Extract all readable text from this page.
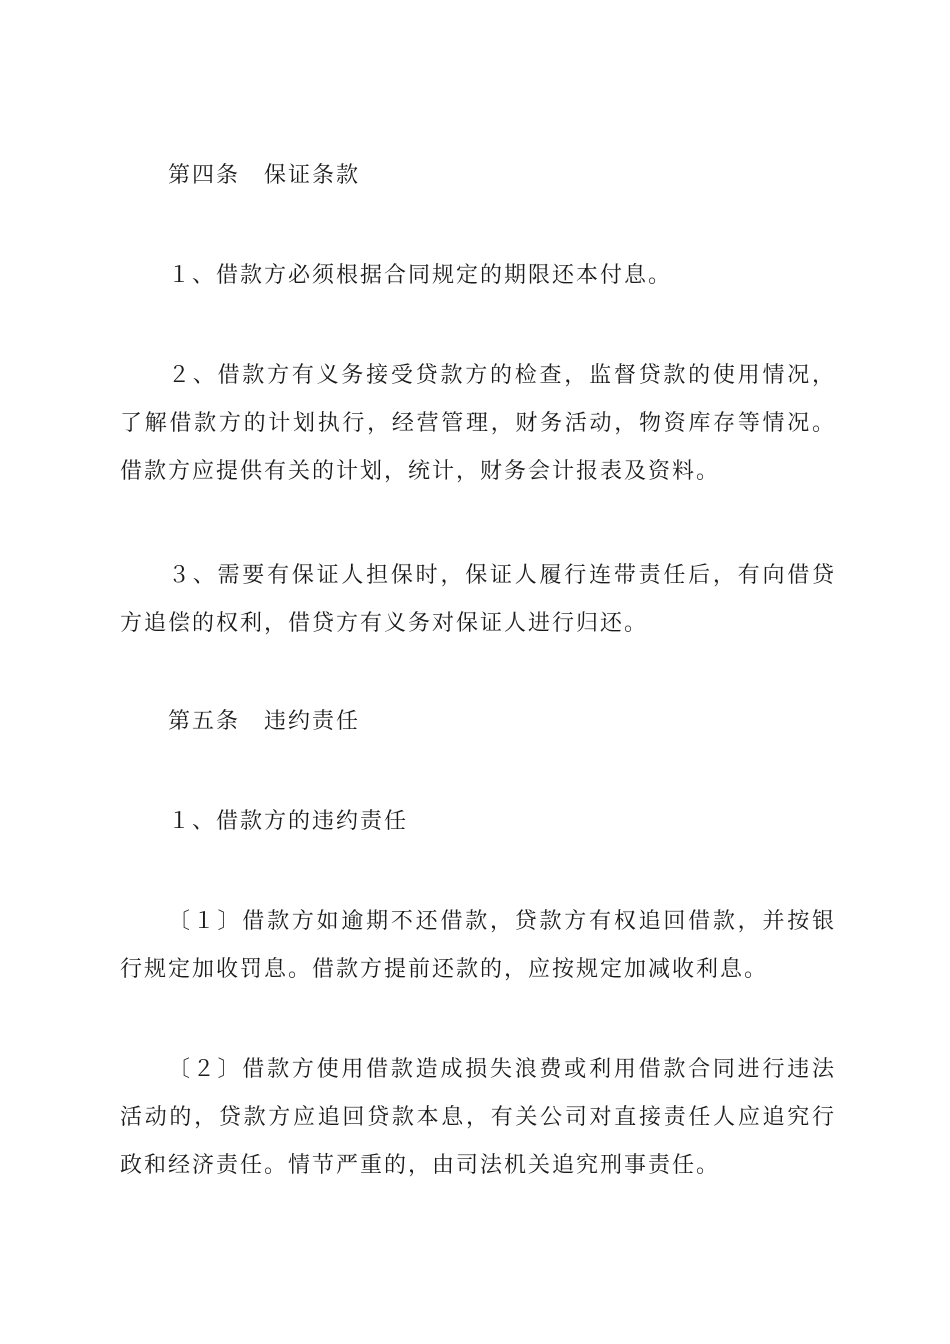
第四条　保证条款

１、借款方必须根据合同规定的期限还本付息。

２、借款方有义务接受贷款方的检查，监督贷款的使用情况，了解借款方的计划执行，经营管理，财务活动，物资库存等情况。借款方应提供有关的计划，统计，财务会计报表及资料。

３、需要有保证人担保时，保证人履行连带责任后，有向借贷方追偿的权利，借贷方有义务对保证人进行归还。

第五条　违约责任

１、借款方的违约责任

〔１〕借款方如逾期不还借款，贷款方有权追回借款，并按银行规定加收罚息。借款方提前还款的，应按规定加减收利息。

〔２〕借款方使用借款造成损失浪费或利用借款合同进行违法活动的，贷款方应追回贷款本息，有关公司对直接责任人应追究行政和经济责任。情节严重的，由司法机关追究刑事责任。
